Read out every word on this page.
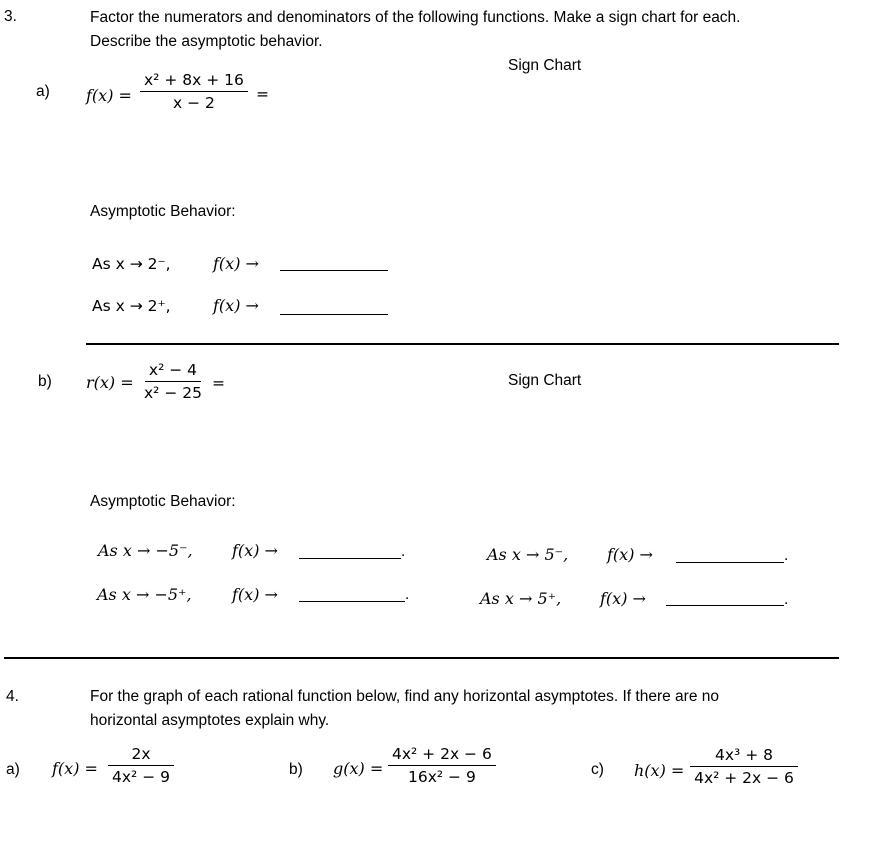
3.	Factor the numerators and denominators of the following functions. Make a sign chart for each.
Describe the asymptotic behavior.
a) $f(x) = \frac{\text{x² + 8x + 16}}{x - 2}$ =
Sign Chart
Asymptotic Behavior:
As x → 2⁻,	f(x) →
As x → 2⁺,	f(x) →
b) $r(x) = \frac{\text{x² − 4}}{\text{x² − 25}}$ =	Sign Chart
Asymptotic Behavior:
As x → −5⁻, f(x) →	.
As x → −5⁺,	f(x) →	.
As x → 5⁻, f(x) →	.
As x → 5⁺, f(x) →	.
4.	For the graph of each rational function below, find any horizontal asymptotes. If there are no
horizontal asymptotes explain why.
a) $f(x) = \frac{2x}{\text{4x² − 9}}$	b) $g(x) = \frac{\text{4x² + 2x − 6}}{\text{16x² − 9}}$	c) $h(x) = \frac{\text{4x³ + 8}}{\text{4x² + 2x − 6}}$
